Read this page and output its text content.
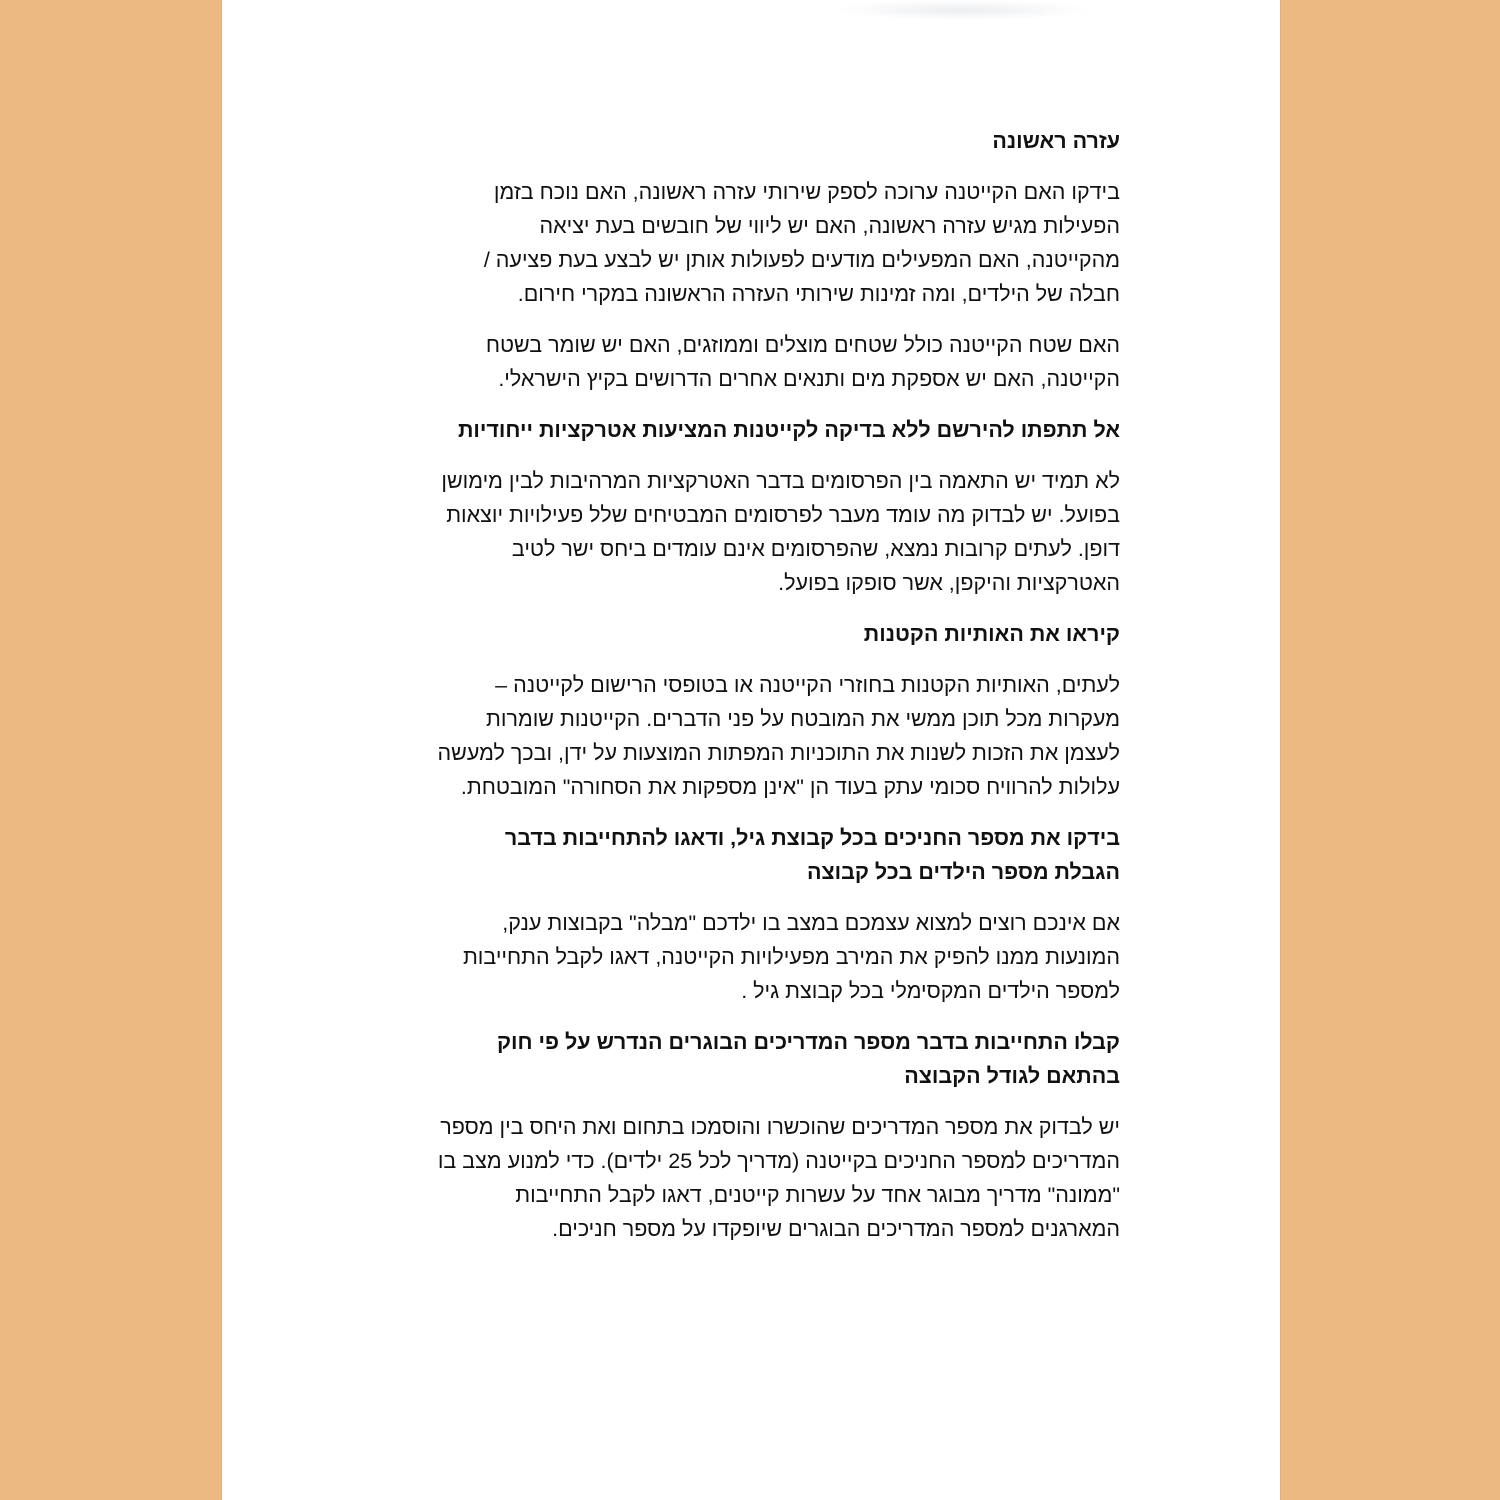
עזרה ראשונה
בידקו האם הקייטנה ערוכה לספק שירותי עזרה ראשונה, האם נוכח בזמן
הפעילות מגיש עזרה ראשונה, האם יש ליווי של חובשים בעת יציאה
מהקייטנה, האם המפעילים מודעים לפעולות אותן יש לבצע בעת פציעה /
חבלה של הילדים, ומה זמינות שירותי העזרה הראשונה במקרי חירום.
האם שטח הקייטנה כולל שטחים מוצלים וממוזגים, האם יש שומר בשטח
הקייטנה, האם יש אספקת מים ותנאים אחרים הדרושים בקיץ הישראלי.
אל תתפתו להירשם ללא בדיקה לקייטנות המציעות אטרקציות ייחודיות
לא תמיד יש התאמה בין הפרסומים בדבר האטרקציות המרהיבות לבין מימושן
בפועל. יש לבדוק מה עומד מעבר לפרסומים המבטיחים שלל פעילויות יוצאות
דופן. לעתים קרובות נמצא, שהפרסומים אינם עומדים ביחס ישר לטיב
האטרקציות והיקפן, אשר סופקו בפועל.
קיראו את האותיות הקטנות
לעתים, האותיות הקטנות בחוזרי הקייטנה או בטופסי הרישום לקייטנה –
מעקרות מכל תוכן ממשי את המובטח על פני הדברים. הקייטנות שומרות
לעצמן את הזכות לשנות את התוכניות המפתות המוצעות על ידן, ובכך למעשה
עלולות להרוויח סכומי עתק בעוד הן "אינן מספקות את הסחורה" המובטחת.
בידקו את מספר החניכים בכל קבוצת גיל, ודאגו להתחייבות בדבר
הגבלת מספר הילדים בכל קבוצה
אם אינכם רוצים למצוא עצמכם במצב בו ילדכם "מבלה" בקבוצות ענק,
המונעות ממנו להפיק את המירב מפעילויות הקייטנה, דאגו לקבל התחייבות
למספר הילדים המקסימלי בכל קבוצת גיל .
קבלו התחייבות בדבר מספר המדריכים הבוגרים הנדרש על פי חוק
בהתאם לגודל הקבוצה
יש לבדוק את מספר המדריכים שהוכשרו והוסמכו בתחום ואת היחס בין מספר
המדריכים למספר החניכים בקייטנה (מדריך לכל 25 ילדים). כדי למנוע מצב בו
"ממונה" מדריך מבוגר אחד על עשרות קייטנים, דאגו לקבל התחייבות
המארגנים למספר המדריכים הבוגרים שיופקדו על מספר חניכים.
